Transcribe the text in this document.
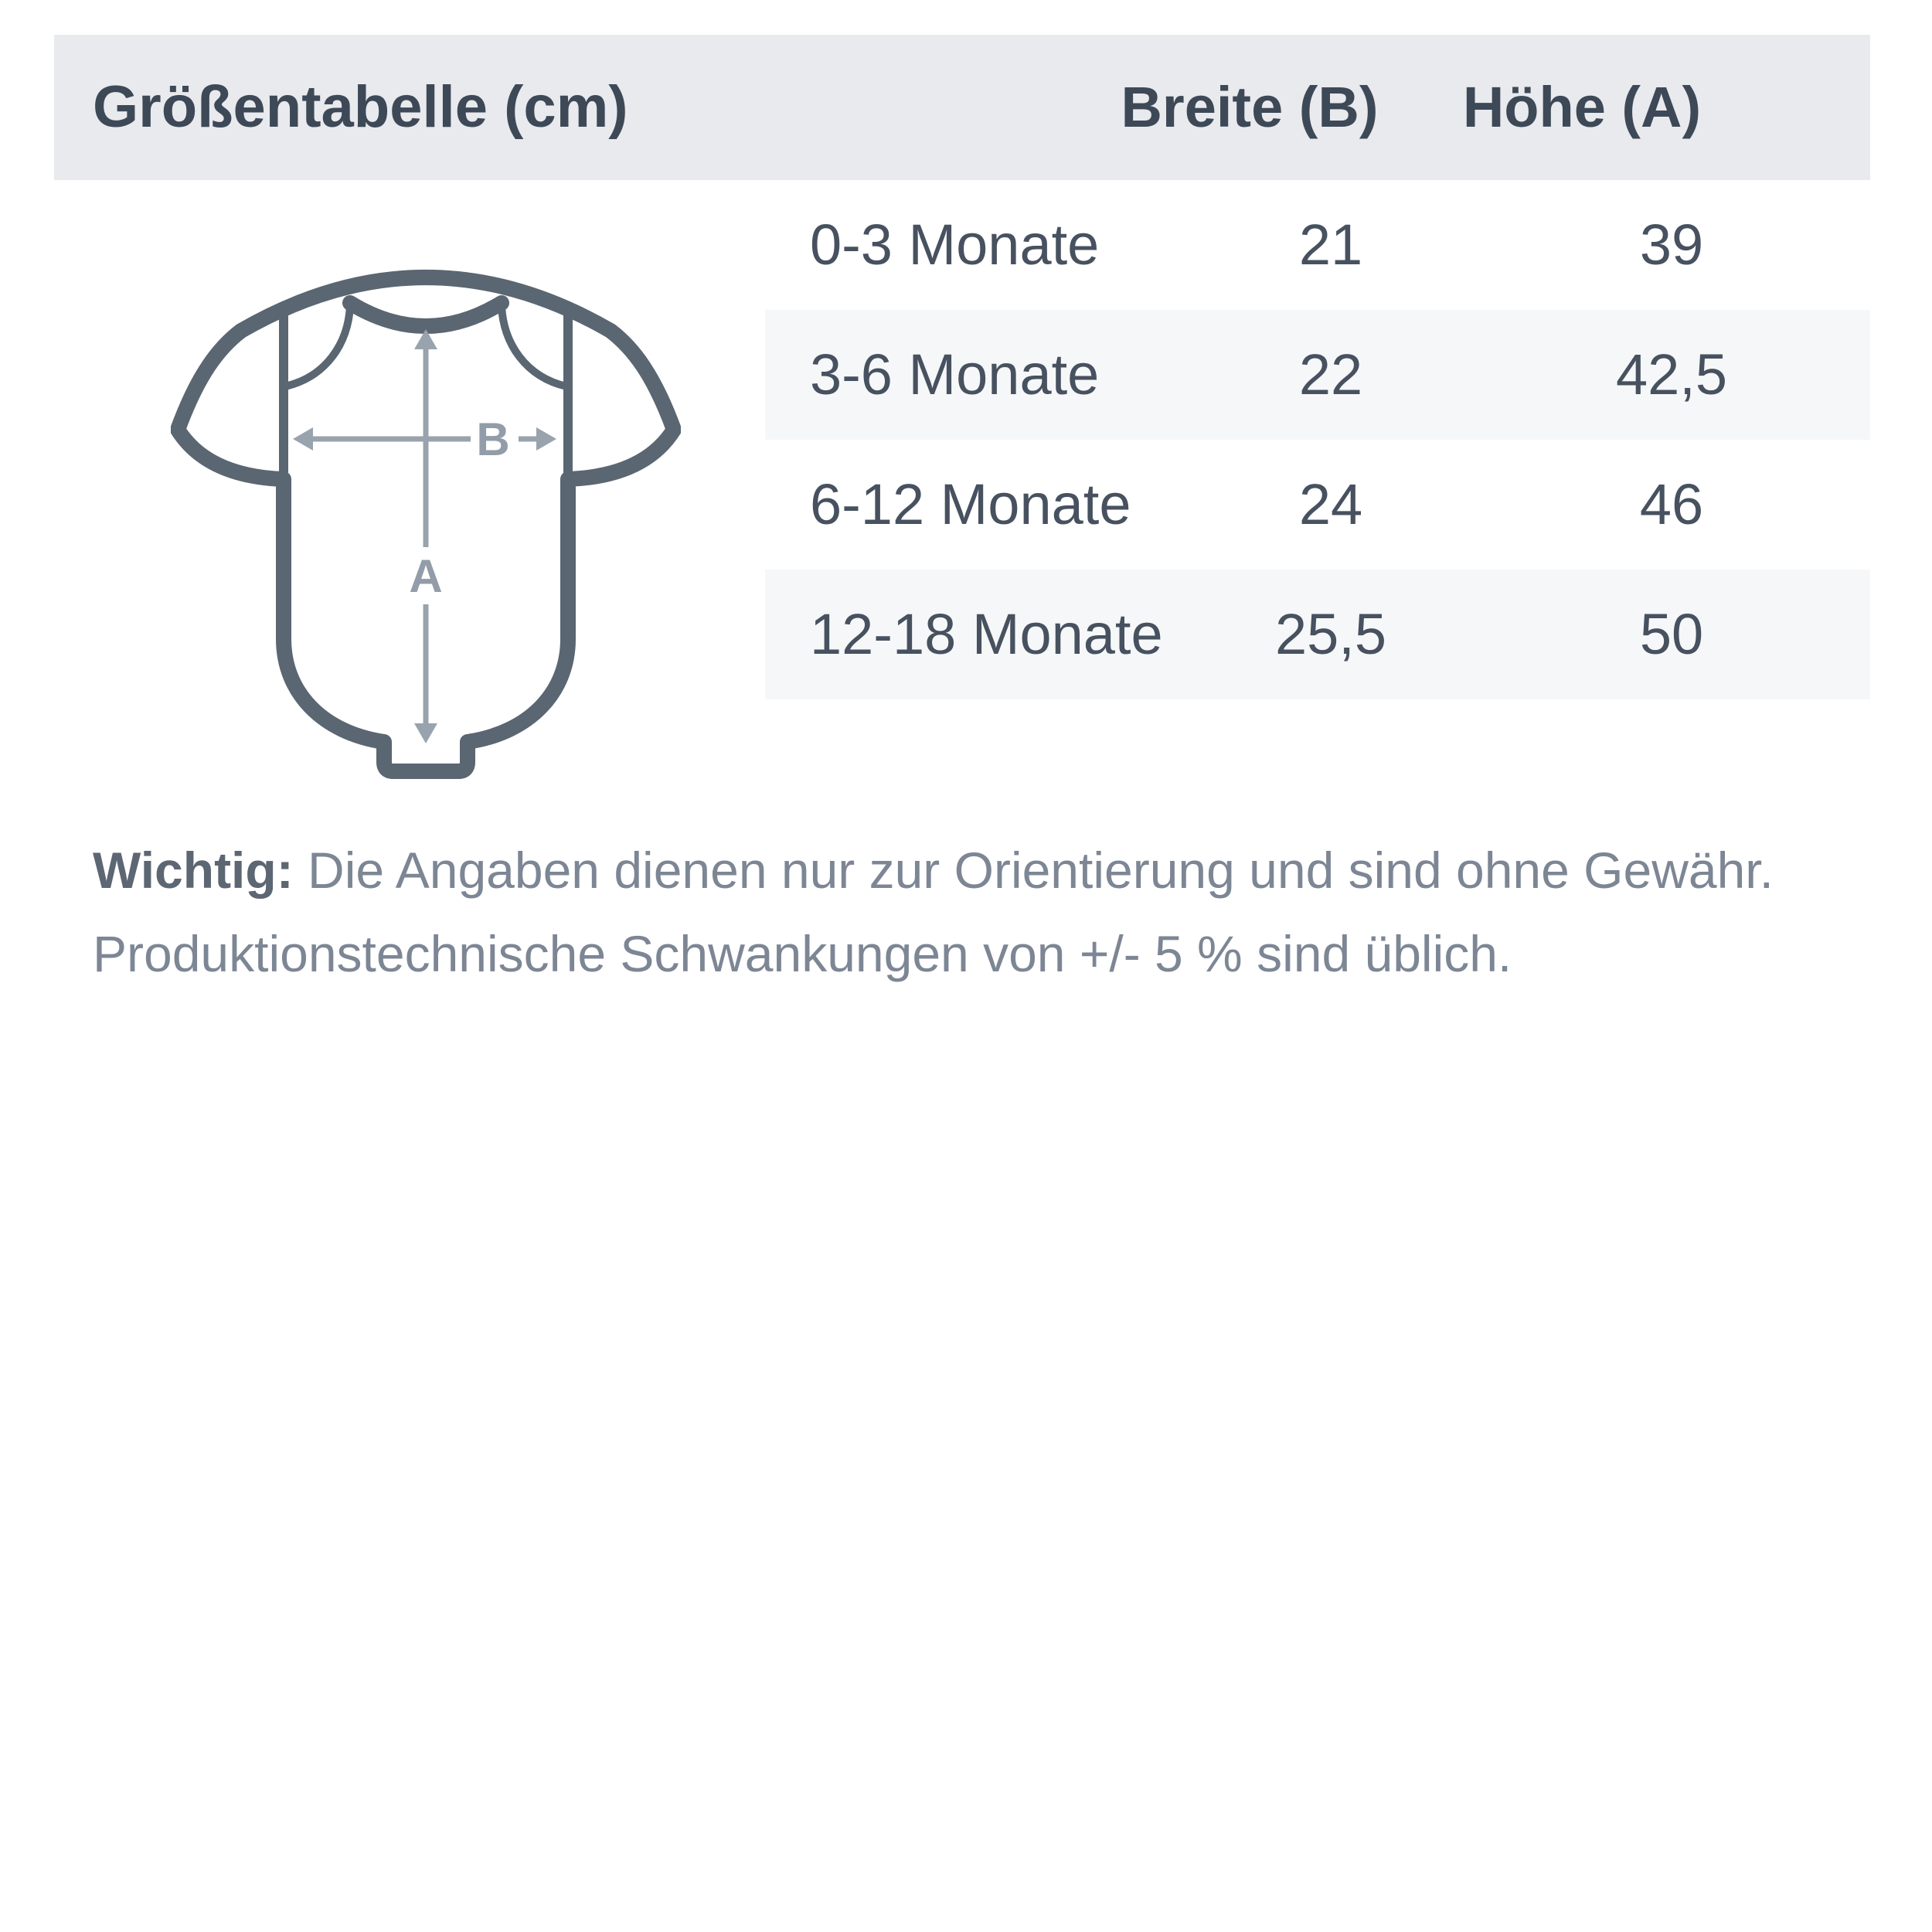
Größentabelle (cm)	Breite (B) Höhe (A)
0-3 Monate	21	39
3-6 Monate	22	42,5
6-12 Monate	24	46
12-18 Monate 25,5	50
A
B
Wichtig: Die Angaben dienen nur zur Orientierung und sind ohne Gewähr.
Produktionstechnische Schwankungen von +/- 5 % sind üblich.
